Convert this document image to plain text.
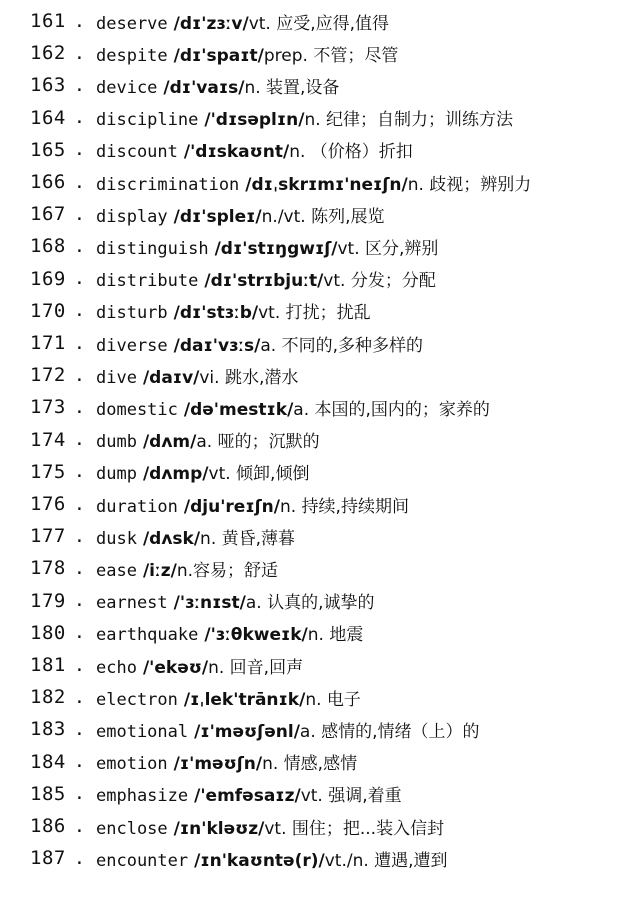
161 . deserve /dɪ'zɜːv/ vt. 应受,应得,值得
162 . despite /dɪ'spaɪt/ prep. 不管；尽管
163 . device /dɪ'vaɪs/ n. 装置,设备
164 . discipline /'dɪsəplɪn/ n. 纪律；自制力；训练方法
165 . discount /'dɪskaʊnt/ n. （价格）折扣
166 . discrimination /dɪˌskrɪmɪ'neɪʃn/ n. 歧视；辨别力
167 . display /dɪ'spleɪ/ n./vt. 陈列,展览
168 . distinguish /dɪ'stɪŋgwɪʃ/ vt. 区分,辨别
169 . distribute /dɪ'strɪbjuːt/ vt. 分发；分配
170 . disturb /dɪ'stɜːb/ vt. 打扰；扰乱
171 . diverse /daɪ'vɜːs/ a. 不同的,多种多样的
172 . dive /daɪv/ vi. 跳水,潜水
173 . domestic /də'mestɪk/ a. 本国的,国内的；家养的
174 . dumb /dʌm/ a. 哑的；沉默的
175 . dump /dʌmp/ vt. 倾卸,倾倒
176 . duration /dju'reɪʃn/ n. 持续,持续期间
177 . dusk /dʌsk/ n. 黄昏,薄暮
178 . ease /iːz/ n.容易；舒适
179 . earnest /'ɜːnɪst/ a. 认真的,诚挚的
180 . earthquake /'ɜːθkweɪk/ n. 地震
181 . echo /'ekəʊ/ n. 回音,回声
182 . electron /ɪˌlek'trānɪk/ n. 电子
183 . emotional /ɪ'məʊʃənl/ a. 感情的,情绪（上）的
184 . emotion /ɪ'məʊʃn/ n. 情感,感情
185 . emphasize /'emfəsaɪz/ vt. 强调,着重
186 . enclose /ɪn'kləʊz/ vt. 围住；把...装入信封
187 . encounter /ɪn'kaʊntə(r)/ vt./n. 遭遇,遭到
